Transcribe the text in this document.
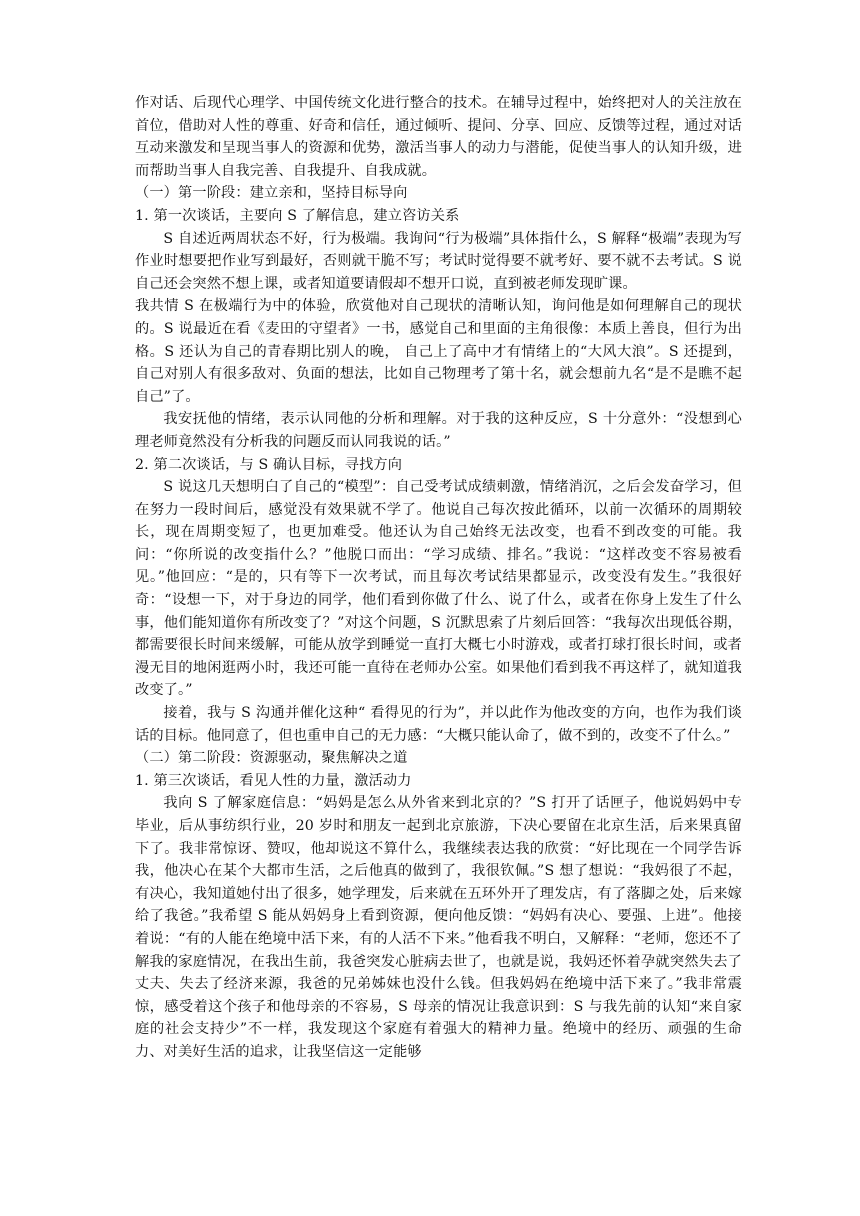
作对话、后现代心理学、中国传统文化进行整合的技术。在辅导过程中，始终把对人的关注放在首位，借助对人性的尊重、好奇和信任，通过倾听、提问、分享、回应、反馈等过程，通过对话互动来激发和呈现当事人的资源和优势，激活当事人的动力与潜能，促使当事人的认知升级，进而帮助当事人自我完善、自我提升、自我成就。

（一）第一阶段：建立亲和，坚持目标导向

1. 第一次谈话，主要向 S 了解信息，建立咨访关系

S 自述近两周状态不好，行为极端。我询问“行为极端”具体指什么，S 解释“极端”表现为写作业时想要把作业写到最好，否则就干脆不写；考试时觉得要不就考好、要不就不去考试。S 说自己还会突然不想上课，或者知道要请假却不想开口说，直到被老师发现旷课。

我共情 S 在极端行为中的体验，欣赏他对自己现状的清晰认知，询问他是如何理解自己的现状的。S 说最近在看《麦田的守望者》一书，感觉自己和里面的主角很像：本质上善良，但行为出格。S 还认为自己的青春期比别人的晚， 自己上了高中才有情绪上的“大风大浪”。S 还提到，自己对别人有很多敌对、负面的想法，比如自己物理考了第十名，就会想前九名“是不是瞧不起自己”了。

我安抚他的情绪，表示认同他的分析和理解。对于我的这种反应，S 十分意外：“没想到心理老师竟然没有分析我的问题反而认同我说的话。”

2. 第二次谈话，与 S 确认目标，寻找方向

S 说这几天想明白了自己的“模型”：自己受考试成绩刺激，情绪消沉，之后会发奋学习，但在努力一段时间后，感觉没有效果就不学了。他说自己每次按此循环，以前一次循环的周期较长，现在周期变短了，也更加难受。他还认为自己始终无法改变，也看不到改变的可能。我问：“你所说的改变指什么？”他脱口而出：“学习成绩、排名。”我说：“这样改变不容易被看见。”他回应：“是的，只有等下一次考试，而且每次考试结果都显示，改变没有发生。”我很好奇：“设想一下，对于身边的同学，他们看到你做了什么、说了什么，或者在你身上发生了什么事，他们能知道你有所改变了？”对这个问题，S 沉默思索了片刻后回答：“我每次出现低谷期，都需要很长时间来缓解，可能从放学到睡觉一直打大概七小时游戏，或者打球打很长时间，或者漫无目的地闲逛两小时，我还可能一直待在老师办公室。如果他们看到我不再这样了，就知道我改变了。”

接着，我与 S 沟通并催化这种“ 看得见的行为”，并以此作为他改变的方向，也作为我们谈话的目标。他同意了，但也重申自己的无力感：“大概只能认命了，做不到的，改变不了什么。”

（二）第二阶段：资源驱动，聚焦解决之道

1. 第三次谈话，看见人性的力量，激活动力

我向 S 了解家庭信息：“妈妈是怎么从外省来到北京的？”S 打开了话匣子，他说妈妈中专毕业，后从事纺织行业，20 岁时和朋友一起到北京旅游，下决心要留在北京生活，后来果真留下了。我非常惊讶、赞叹，他却说这不算什么，我继续表达我的欣赏：“好比现在一个同学告诉我，他决心在某个大都市生活，之后他真的做到了，我很钦佩。”S 想了想说：“我妈很了不起，有决心，我知道她付出了很多，她学理发，后来就在五环外开了理发店，有了落脚之处，后来嫁给了我爸。”我希望 S 能从妈妈身上看到资源，便向他反馈：“妈妈有决心、要强、上进”。他接着说：“有的人能在绝境中活下来，有的人活不下来。”他看我不明白，又解释：“老师，您还不了解我的家庭情况，在我出生前，我爸突发心脏病去世了，也就是说，我妈还怀着孕就突然失去了丈夫、失去了经济来源，我爸的兄弟姊妹也没什么钱。但我妈妈在绝境中活下来了。”我非常震惊，感受着这个孩子和他母亲的不容易，S 母亲的情况让我意识到：S 与我先前的认知“来自家庭的社会支持少”不一样，我发现这个家庭有着强大的精神力量。绝境中的经历、顽强的生命力、对美好生活的追求，让我坚信这一定能够
